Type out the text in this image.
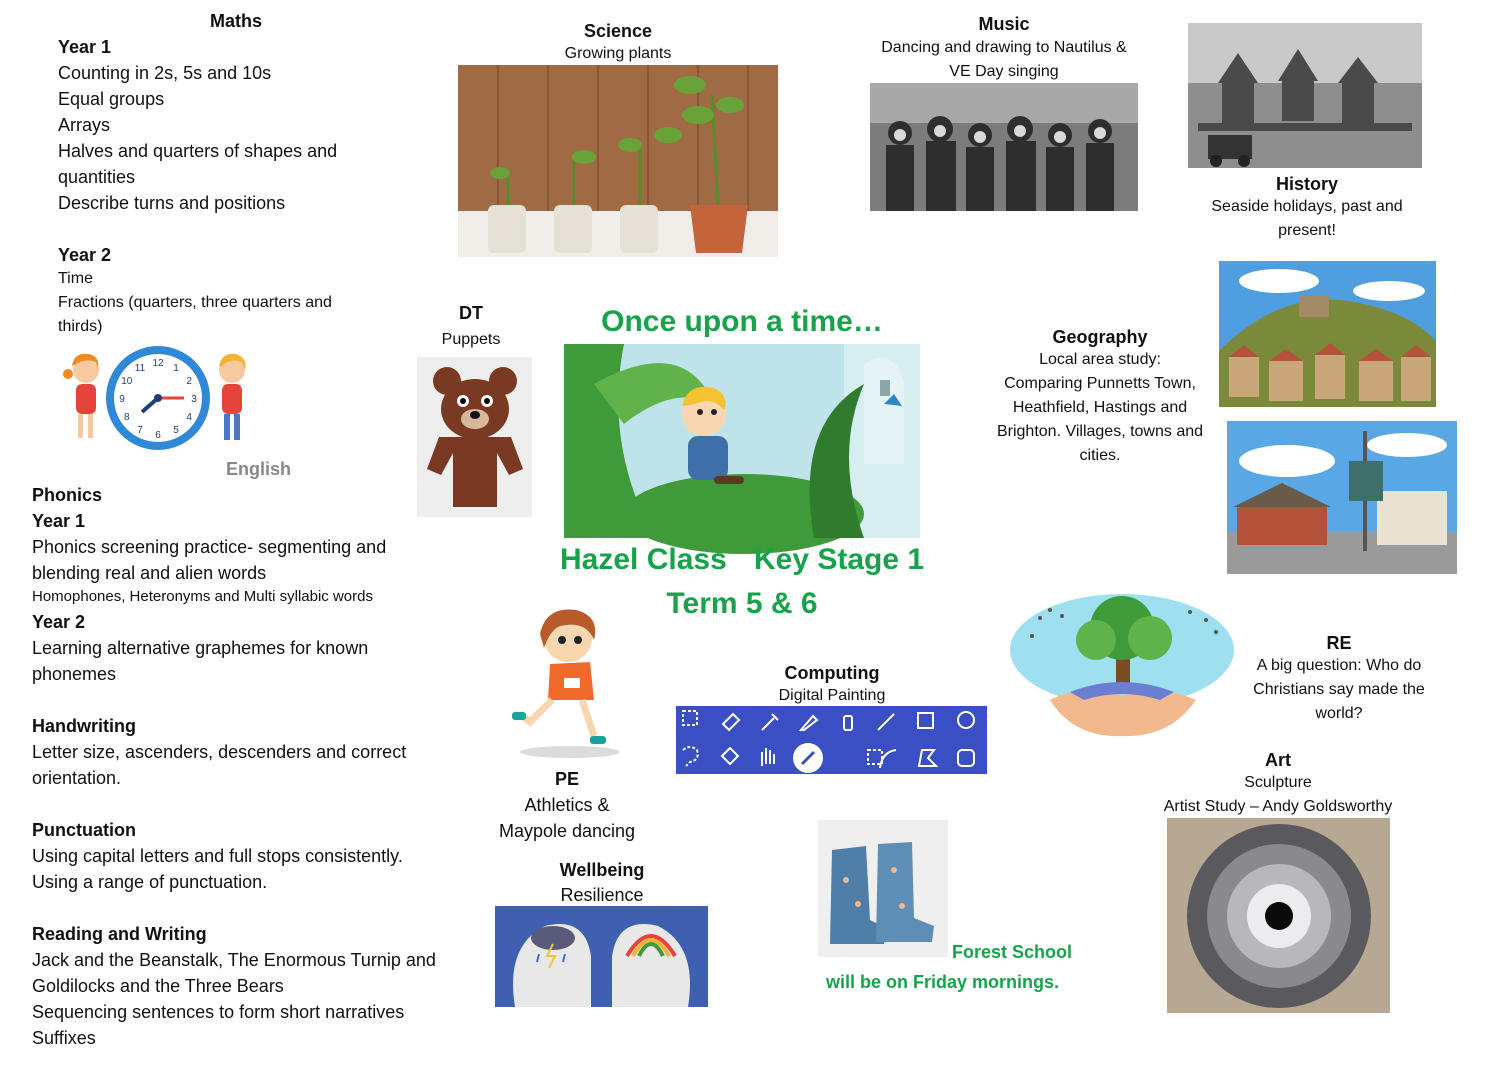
Maths
Year 1
Counting in 2s, 5s and 10s
Equal groups
Arrays
Halves and quarters of shapes and
quantities
Describe turns and positions
Year 2
Time
Fractions (quarters, three quarters and
thirds)
12 1
2
3
4
5
6
7
8
9
10
11
English
Phonics
Year 1
Phonics screening practice- segmenting and
blending real and alien words
Homophones, Heteronyms and Multi syllabic words
Year 2
Learning alternative graphemes for known
phonemes
Handwriting
Letter size, ascenders, descenders and correct
orientation.
Punctuation
Using capital letters and full stops consistently.
Using a range of punctuation.
Reading and Writing
Jack and the Beanstalk, The Enormous Turnip and
Goldilocks and the Three Bears
Sequencing sentences to form short narratives
Suffixes
Science
Growing plants
Music
Dancing and drawing to Nautilus &
VE Day singing
History
Seaside holidays, past and
present!
DT
Puppets
Once upon a time…
Hazel Class Key Stage 1
Term 5 & 6
Geography
Local area study:
Comparing Punnetts Town,
Heathfield, Hastings and
Brighton. Villages, towns and
cities.
RE
A big question: Who do
Christians say made the
world?
PE
Athletics &
Maypole dancing
Computing
Digital Painting
Wellbeing
Resilience
Forest School
will be on Friday mornings.
Art
Sculpture
Artist Study – Andy Goldsworthy
